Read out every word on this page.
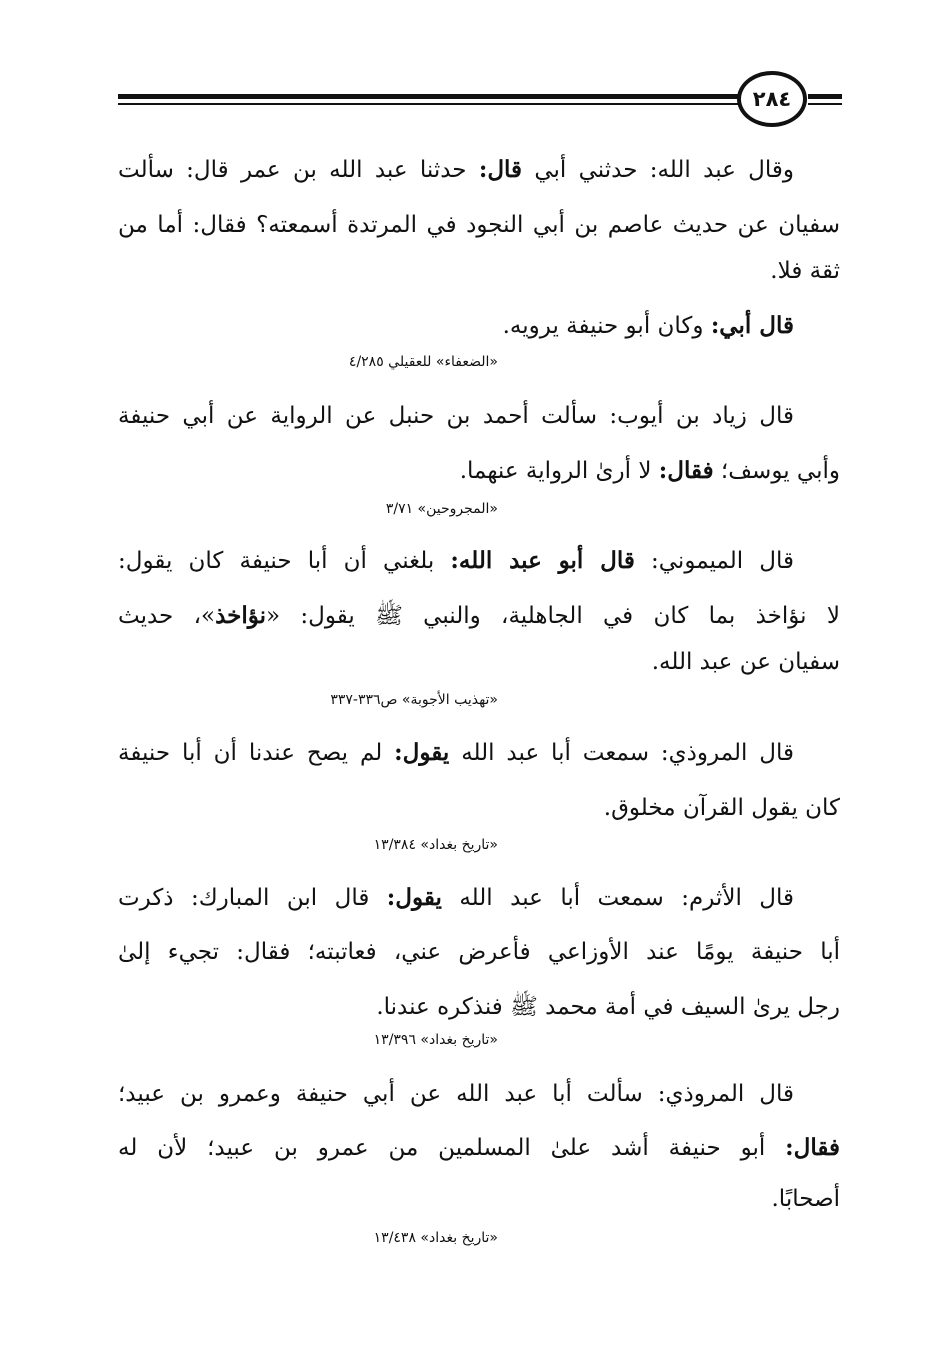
٢٨٤
وقال عبد الله: حدثني أبي قال: حدثنا عبد الله بن عمر قال: سألت
سفيان عن حديث عاصم بن أبي النجود في المرتدة أسمعته؟ فقال: أما من
ثقة فلا.
قال أبي: وكان أبو حنيفة يرويه.
«الضعفاء» للعقيلي ٤/٢٨٥
قال زياد بن أيوب: سألت أحمد بن حنبل عن الرواية عن أبي حنيفة
وأبي يوسف؛ فقال: لا أرىٰ الرواية عنهما.
«المجروحين» ٣/٧١
قال الميموني: قال أبو عبد الله: بلغني أن أبا حنيفة كان يقول:
لا نؤاخذ بما كان في الجاهلية، والنبي ﷺ يقول: «نؤاخذ»، حديث
سفيان عن عبد الله.
«تهذيب الأجوبة» ص٣٣٦-٣٣٧
قال المروذي: سمعت أبا عبد الله يقول: لم يصح عندنا أن أبا حنيفة
كان يقول القرآن مخلوق.
«تاريخ بغداد» ١٣/٣٨٤
قال الأثرم: سمعت أبا عبد الله يقول: قال ابن المبارك: ذكرت
أبا حنيفة يومًا عند الأوزاعي فأعرض عني، فعاتبته؛ فقال: تجيء إلىٰ
رجل يرىٰ السيف في أمة محمد ﷺ فنذكره عندنا.
«تاريخ بغداد» ١٣/٣٩٦
قال المروذي: سألت أبا عبد الله عن أبي حنيفة وعمرو بن عبيد؛
فقال: أبو حنيفة أشد علىٰ المسلمين من عمرو بن عبيد؛ لأن له
أصحابًا.
«تاريخ بغداد» ١٣/٤٣٨
